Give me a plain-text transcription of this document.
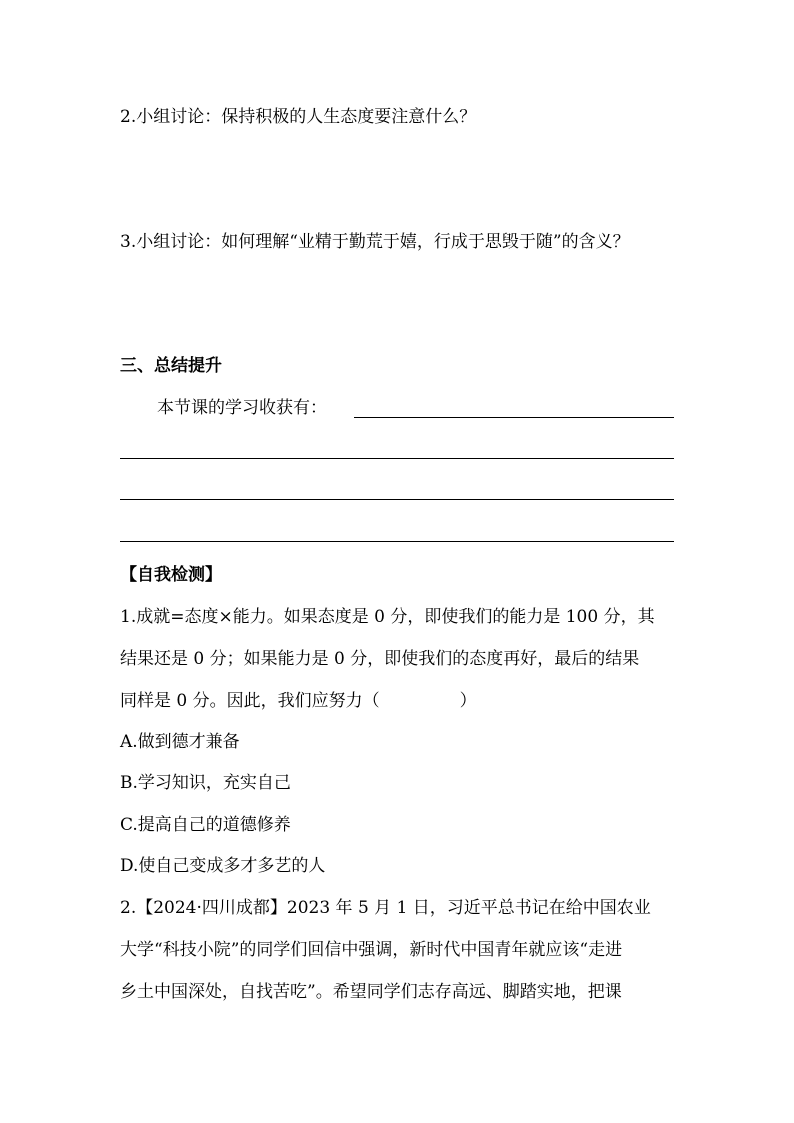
2.小组讨论：保持积极的人生态度要注意什么？
3.小组讨论：如何理解“业精于勤荒于嬉，行成于思毁于随”的含义？
三、总结提升
本节课的学习收获有：
【自我检测】
1.成就=态度×能力。如果态度是 0 分，即使我们的能力是 100 分，其
结果还是 0 分；如果能力是 0 分，即使我们的态度再好，最后的结果
同样是 0 分。因此，我们应努力（	）
A.做到德才兼备
B.学习知识，充实自己
C.提高自己的道德修养
D.使自己变成多才多艺的人
2.【2024·四川成都】2023 年 5 月 1 日，习近平总书记在给中国农业
大学“科技小院”的同学们回信中强调，新时代中国青年就应该“走进
乡土中国深处，自找苦吃”。希望同学们志存高远、脚踏实地，把课
